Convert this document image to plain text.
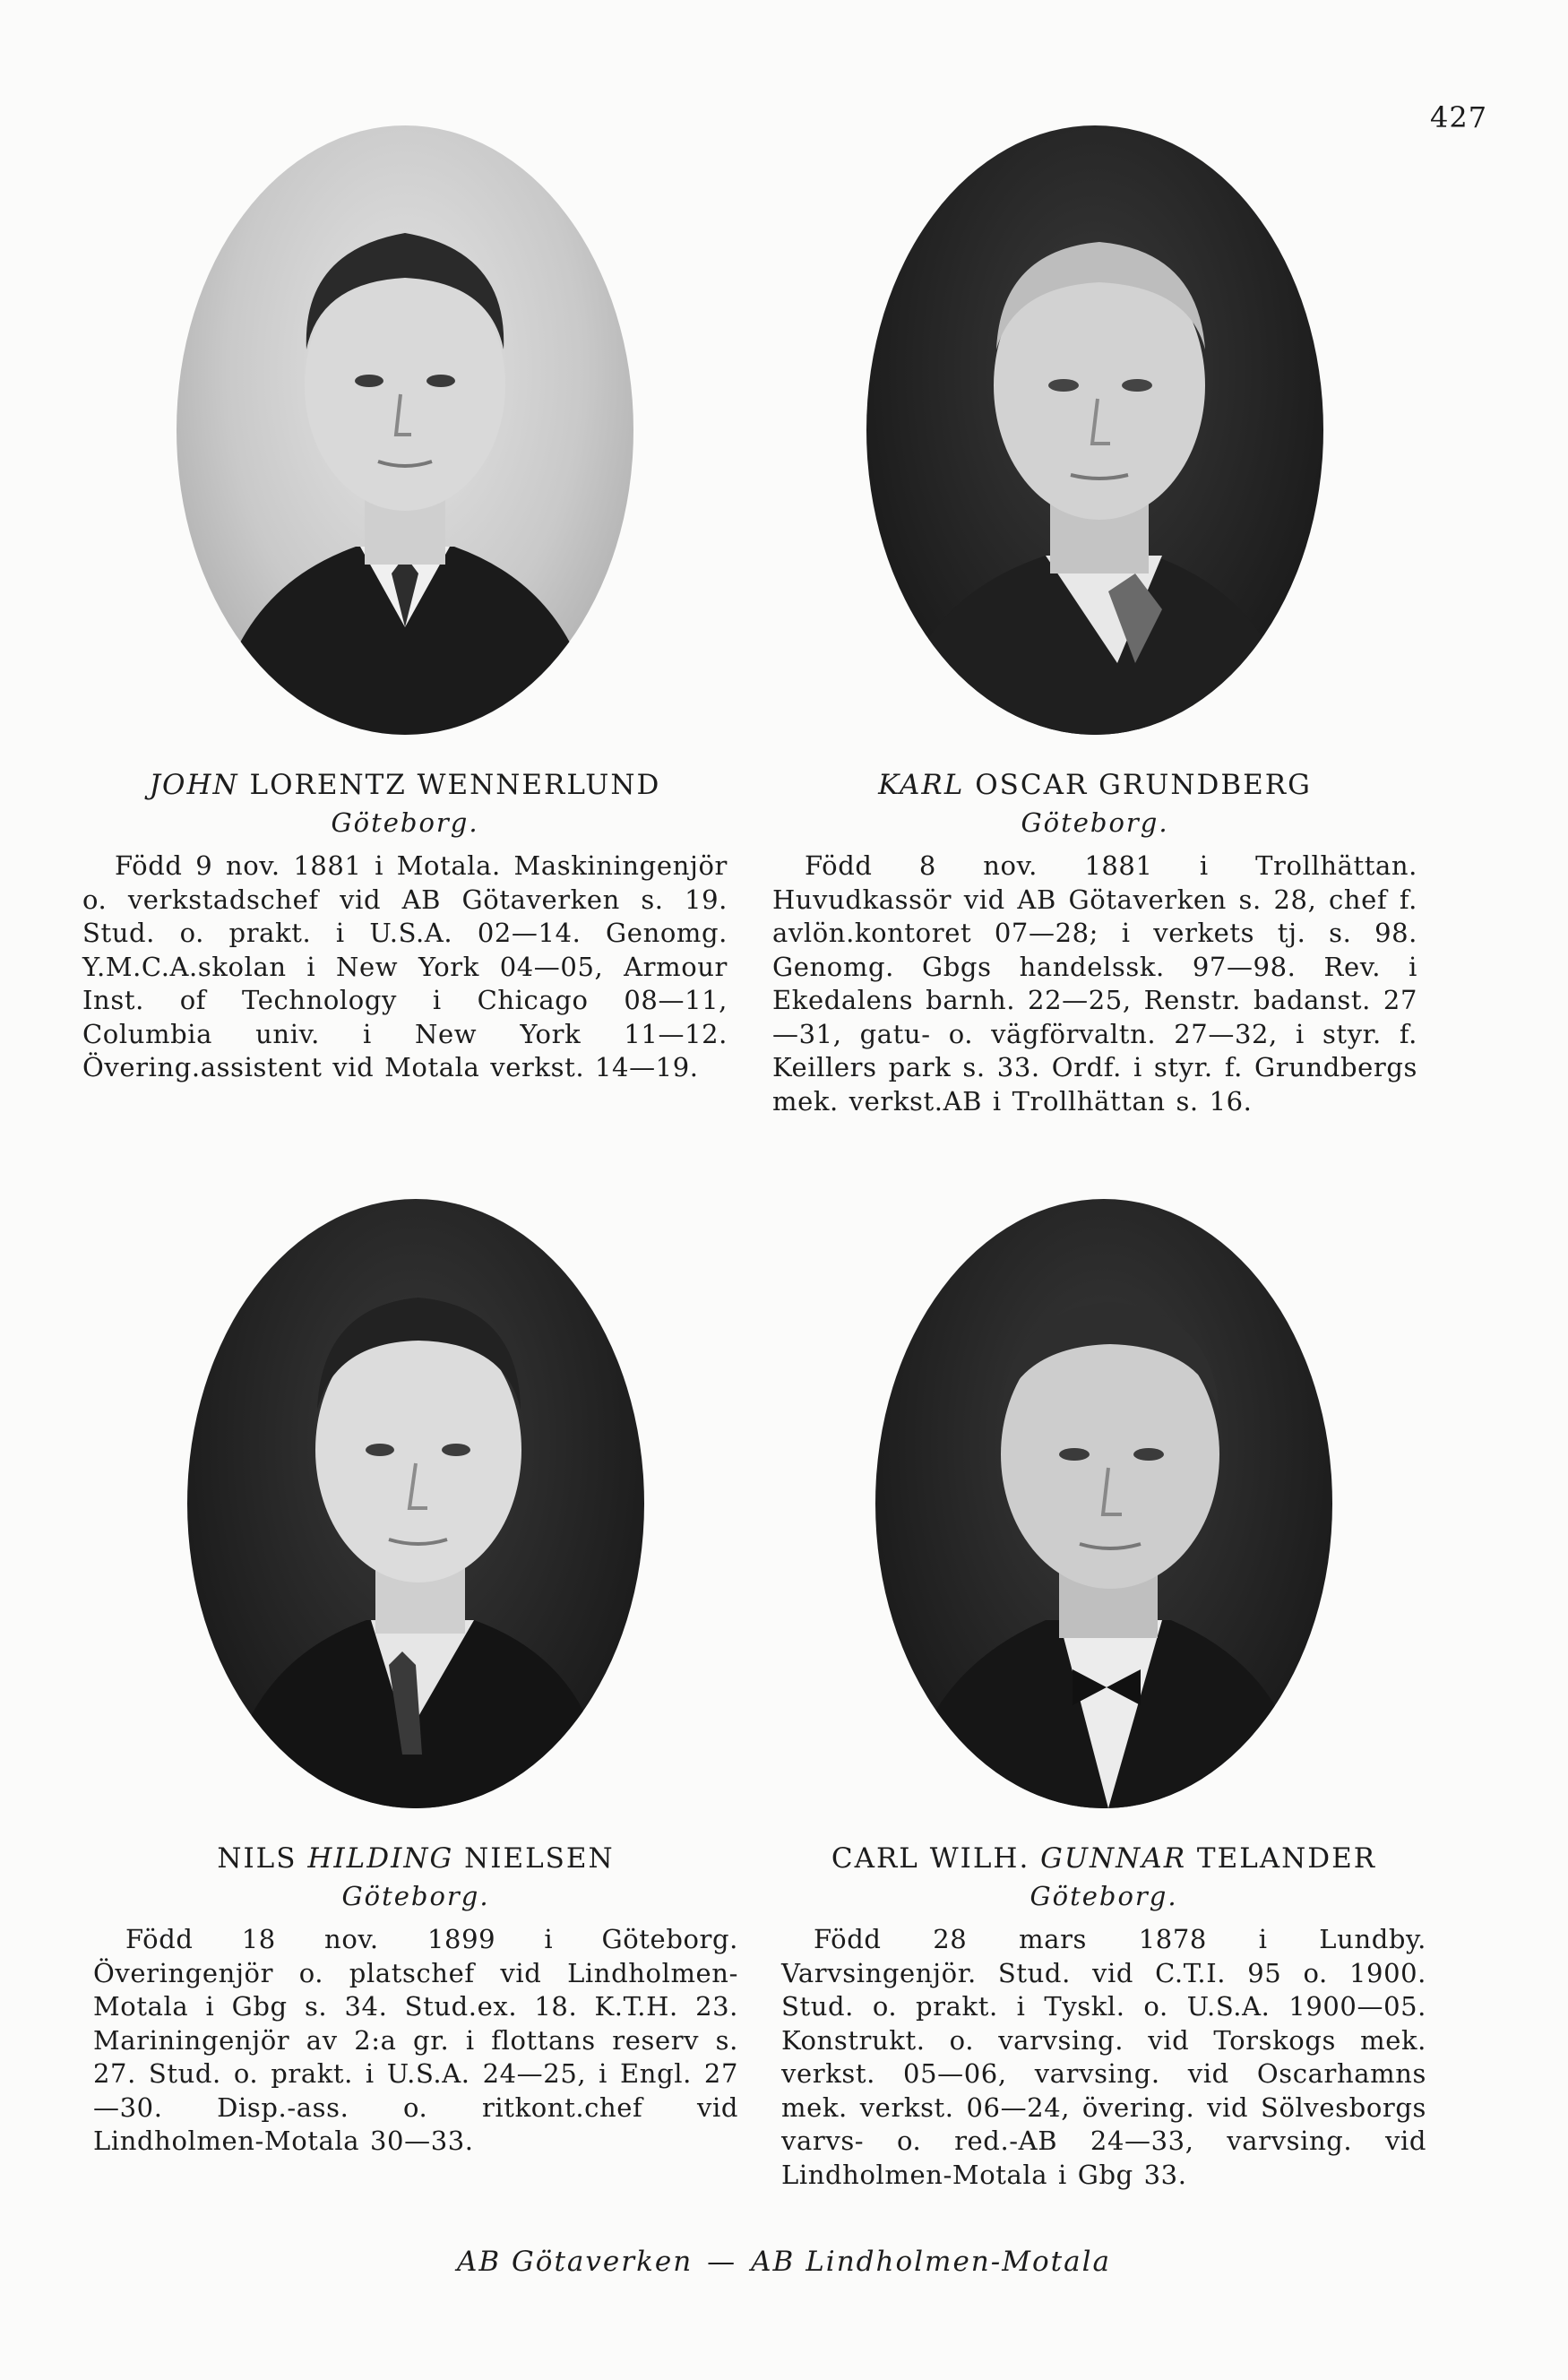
427
JOHN LORENTZ WENNERLUND
Göteborg.
Född 9 nov. 1881 i Motala. Maskiningenjör o. verkstadschef vid AB Götaverken s. 19. Stud. o. prakt. i U.S.A. 02—14. Genomg. Y.M.C.A.skolan i New York 04—05, Armour Inst. of Technology i Chicago 08—11, Columbia univ. i New York 11—12. Övering.assistent vid Motala verkst. 14—19.
KARL OSCAR GRUNDBERG
Göteborg.
Född 8 nov. 1881 i Trollhättan. Huvudkassör vid AB Götaverken s. 28, chef f. avlön.kontoret 07—28; i verkets tj. s. 98. Genomg. Gbgs handelssk. 97—98. Rev. i Ekedalens barnh. 22—25, Renstr. badanst. 27—31, gatu- o. vägförvaltn. 27—32, i styr. f. Keillers park s. 33. Ordf. i styr. f. Grundbergs mek. verkst.AB i Trollhättan s. 16.
NILS HILDING NIELSEN
Göteborg.
Född 18 nov. 1899 i Göteborg. Överingenjör o. platschef vid Lindholmen-Motala i Gbg s. 34. Stud.ex. 18. K.T.H. 23. Mariningenjör av 2:a gr. i flottans reserv s. 27. Stud. o. prakt. i U.S.A. 24—25, i Engl. 27—30. Disp.-ass. o. ritkont.chef vid Lindholmen-Motala 30—33.
CARL WILH. GUNNAR TELANDER
Göteborg.
Född 28 mars 1878 i Lundby. Varvsingenjör. Stud. vid C.T.I. 95 o. 1900. Stud. o. prakt. i Tyskl. o. U.S.A. 1900—05. Konstrukt. o. varvsing. vid Torskogs mek. verkst. 05—06, varvsing. vid Oscarhamns mek. verkst. 06—24, övering. vid Sölvesborgs varvs- o. red.-AB 24—33, varvsing. vid Lindholmen-Motala i Gbg 33.
AB Götaverken — AB Lindholmen-Motala
